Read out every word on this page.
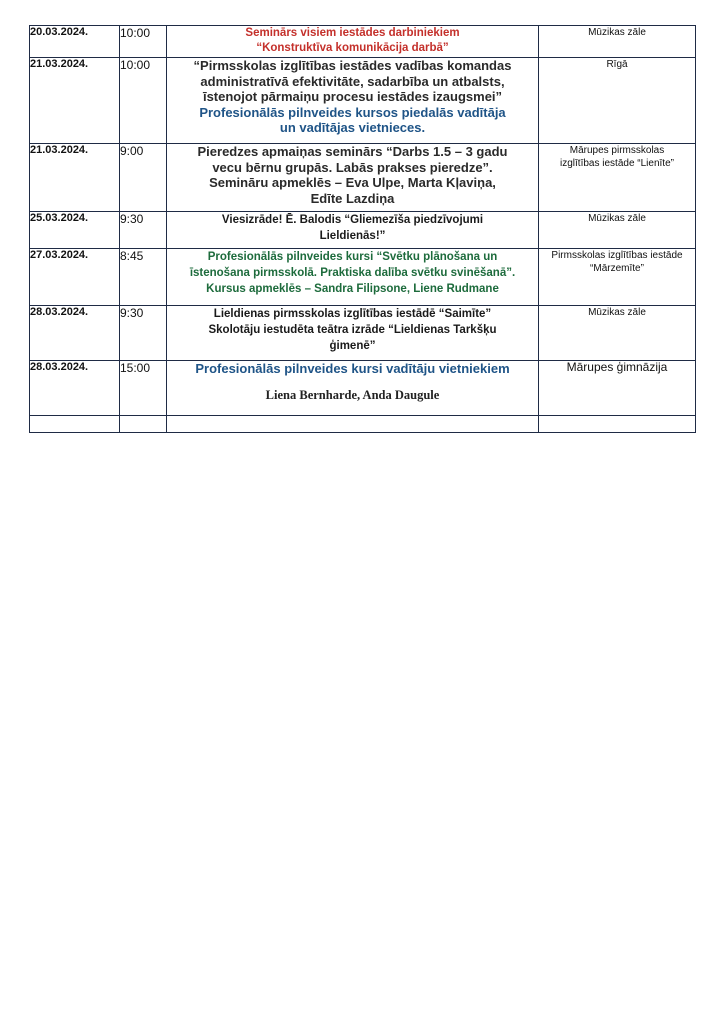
20.03.2024.	10:00	Seminārs visiem iestādes darbiniekiem
“Konstruktīva komunikācija darbā”	Mūzikas zāle

21.03.2024.	10:00	“Pirmsskolas izglītības iestādes vadības komandas
administratīvā efektivitāte, sadarbība un atbalsts,
īstenojot pārmaiņu procesu iestādes izaugsmei”
Profesionālās pilnveides kursos piedalās vadītāja
un vadītājas vietnieces.	Rīgā

21.03.2024.	9:00	Pieredzes apmaiņas seminārs “Darbs 1.5 – 3 gadu
vecu bērnu grupās. Labās prakses pieredze”.
Semināru apmeklēs – Eva Ulpe, Marta Kļaviņa,
Edīte Lazdiņa	Mārupes pirmsskolas
izglītības iestāde “Lienīte”

25.03.2024.	9:30	Viesizrāde! Ē. Balodis “Gliemezīša piedzīvojumi
Lieldienās!”	Mūzikas zāle

27.03.2024.	8:45	Profesionālās pilnveides kursi “Svētku plānošana un
īstenošana pirmsskolā. Praktiska dalība svētku svinēšanā”.
Kursus apmeklēs – Sandra Filipsone, Liene Rudmane	Pirmsskolas izglītības iestāde
“Mārzemīte”

28.03.2024.	9:30	Lieldienas pirmsskolas izglītības iestādē “Saimīte”
Skolotāju iestudēta teātra izrāde “Lieldienas Tarkšķu
ģimenē”	Mūzikas zāle

28.03.2024.	15:00	Profesionālās pilnveides kursi vadītāju vietniekiem
Liena Bernharde, Anda Daugule	Mārupes ģimnāzija
